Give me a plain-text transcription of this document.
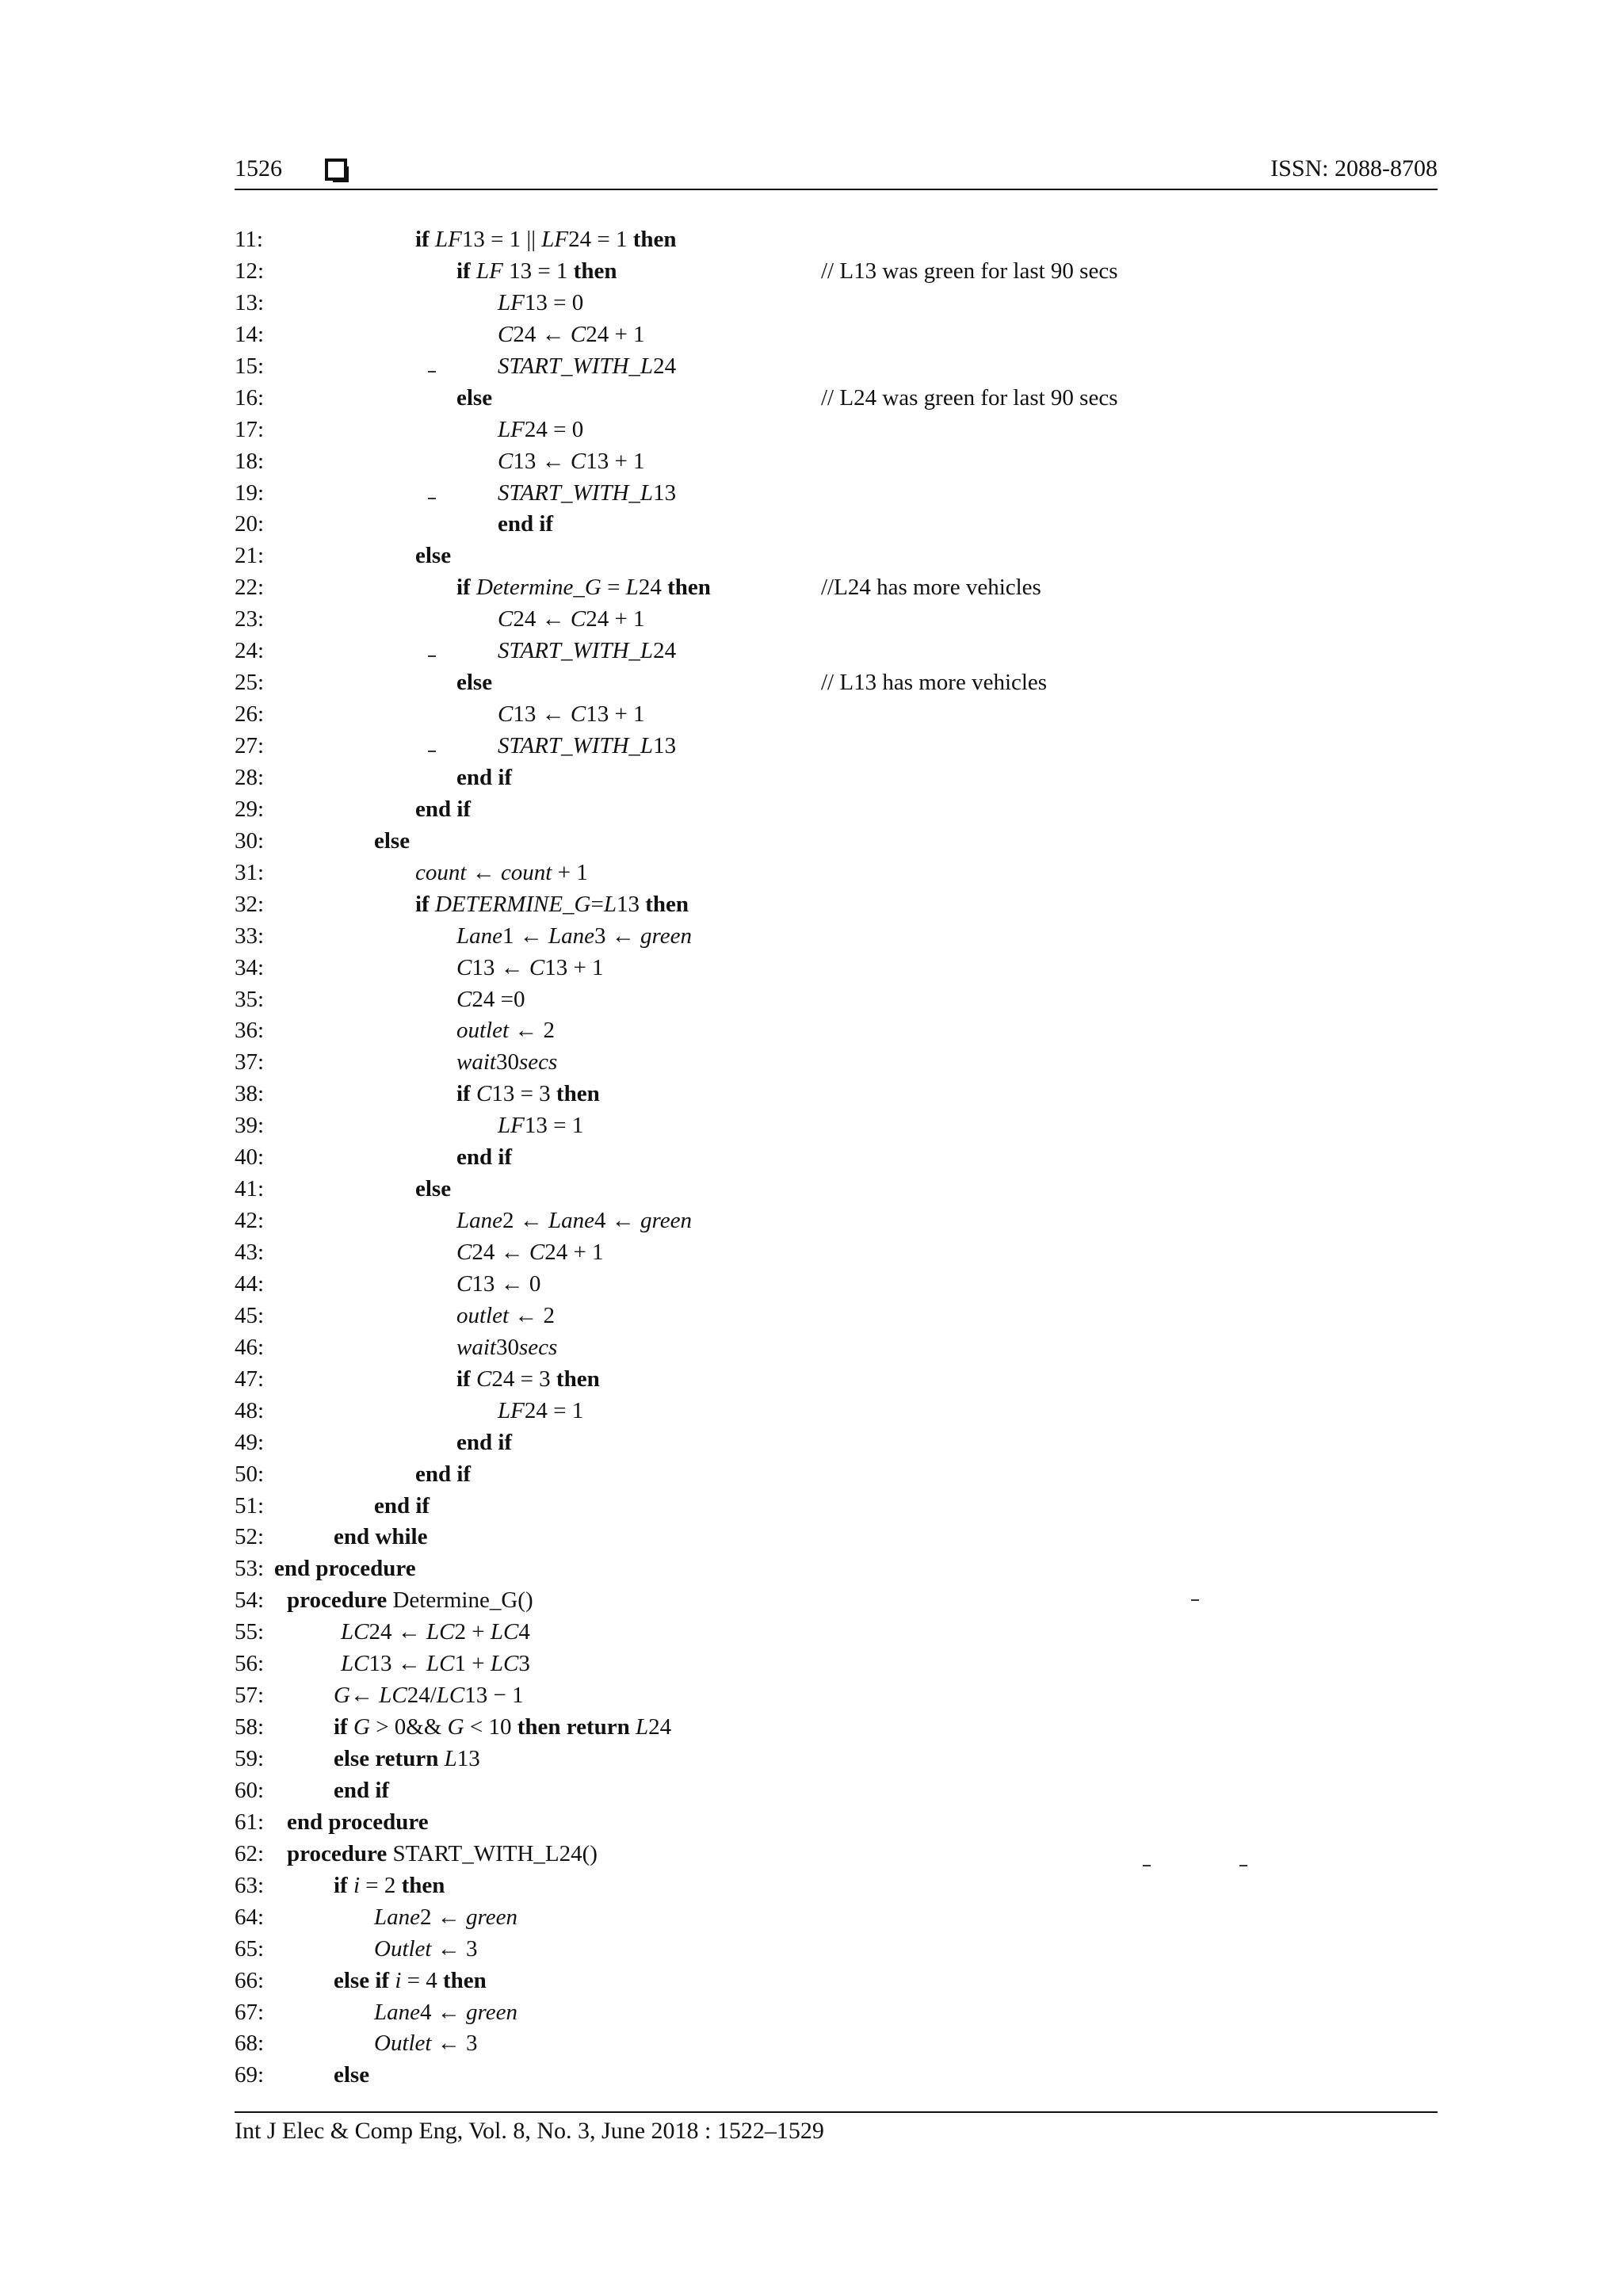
1526	ISSN: 2088-8708
11:	if LF13 = 1 || LF24 = 1 then
12:	if LF 13 = 1 then	// L13 was green for last 90 secs
13:	LF13 = 0
14:	C24 ← C24 + 1
15:	START_WITH_L24
16:	else	// L24 was green for last 90 secs
17:	LF24 = 0
18:	C13 ← C13 + 1
19:	START_WITH_L13
20:	end if
21:	else
22:	if Determine_G = L24 then	//L24 has more vehicles
23:	C24 ← C24 + 1
24:	START_WITH_L24
25:	else	// L13 has more vehicles
26:	C13 ← C13 + 1
27:	START_WITH_L13
28:	end if
29:	end if
30:	else
31:	count ← count + 1
32:	if DETERMINE_G=L13 then
33:	Lane1 ← Lane3 ← green
34:	C13 ← C13 + 1
35:	C24 =0
36:	outlet ← 2
37:	wait30secs
38:	if C13 = 3 then
39:	LF13 = 1
40:	end if
41:	else
42:	Lane2 ← Lane4 ← green
43:	C24 ← C24 + 1
44:	C13 ← 0
45:	outlet ← 2
46:	wait30secs
47:	if C24 = 3 then
48:	LF24 = 1
49:	end if
50:	end if
51:	end if
52:	end while
53: end procedure
54: procedure Determine_G()
55:	LC24 ← LC2 + LC4
56:	LC13 ← LC1 + LC3
57:	G← LC24/LC13 − 1
58:	if G > 0&& G < 10 then return L24
59:	else return L13
60:	end if
61: end procedure
62: procedure START_WITH_L24()
63:	if i = 2 then
64:	Lane2 ← green
65:	Outlet ← 3
66:	else if i = 4 then
67:	Lane4 ← green
68:	Outlet ← 3
69:	else
Int J Elec & Comp Eng, Vol. 8, No. 3, June 2018 : 1522–1529
